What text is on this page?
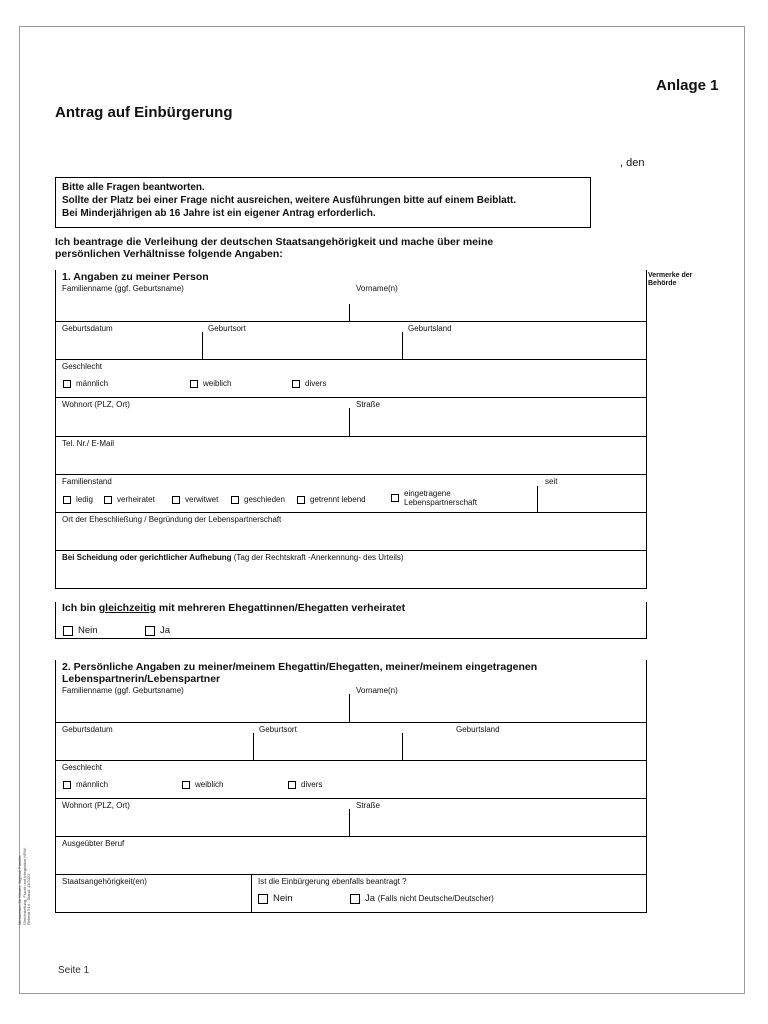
Anlage 1
Antrag auf Einbürgerung
, den
Bitte alle Fragen beantworten.
Sollte der Platz bei einer Frage nicht ausreichen, weitere Ausführungen bitte auf einem Beiblatt.
Bei Minderjährigen ab 16 Jahre ist ein eigener Antrag erforderlich.
Ich beantrage die Verleihung der deutschen Staatsangehörigkeit und mache über meine persönlichen Verhältnisse folgende Angaben:
Vermerke der Behörde
1. Angaben zu meiner Person
Familienname (ggf. Geburtsname)	Vorname(n)
Geburtsdatum	Geburtsort	Geburtsland
Geschlecht
männlich	weiblich	divers
Wohnort (PLZ, Ort)	Straße
Tel. Nr./ E-Mail
Familienstand	seit
ledig	verheiratet	verwitwet	geschieden	getrennt lebend
eingetragene
Lebenspartnerschaft
Ort der Eheschließung / Begründung der Lebenspartnerschaft
Bei Scheidung oder gerichtlicher Aufhebung (Tag der Rechtskraft -Anerkennung- des Urteils)
Ich bin gleichzeitig mit mehreren Ehegattinnen/Ehegatten verheiratet
Nein	Ja
2. Persönliche Angaben zu meiner/meinem Ehegattin/Ehegatten, meiner/meinem eingetragenen Lebenspartnerin/Lebenspartner
Familienname (ggf. Geburtsname)	Vorname(n)
Geburtsdatum	Geburtsort	Geburtsland
Geschlecht
männlich	weiblich	divers
Wohnort (PLZ, Ort)	Straße
Ausgeübter Beruf
Staatsangehörigkeit(en)	Ist die Einbürgerung ebenfalls beantragt ?
Nein	Ja
(Falls nicht Deutsche/Deutscher)
Ministerium für Kinder, Jugend, Familie, Gleichstellung, Flucht und Integration NRW, Referat 514 - Stand: 11/2022
Seite 1
